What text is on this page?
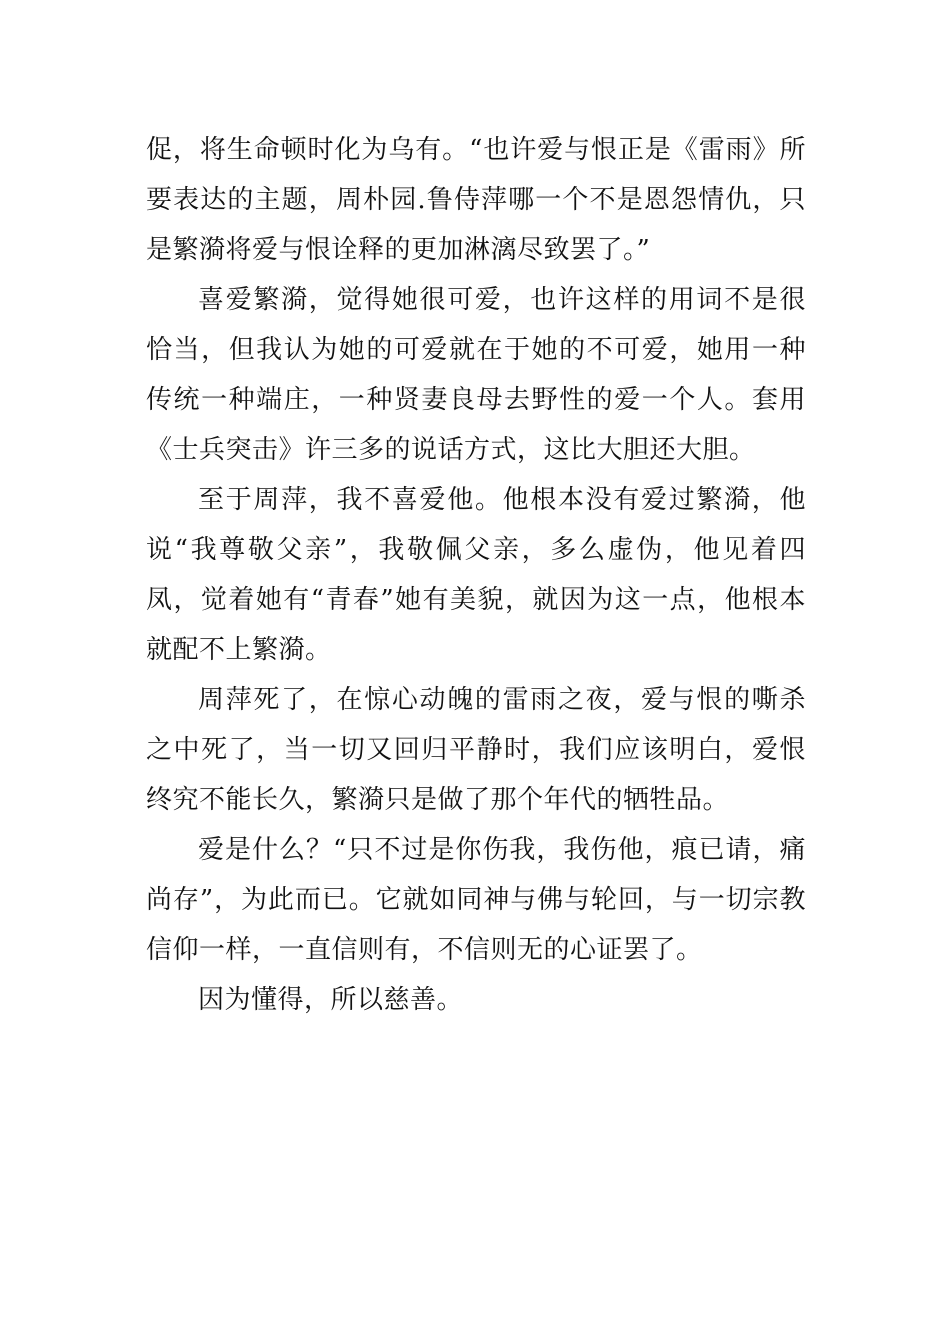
促，将生命顿时化为乌有。“也许爱与恨正是《雷雨》所要表达的主题，周朴园.鲁侍萍哪一个不是恩怨情仇，只是繁漪将爱与恨诠释的更加淋漓尽致罢了。”

喜爱繁漪，觉得她很可爱，也许这样的用词不是很恰当，但我认为她的可爱就在于她的不可爱，她用一种传统一种端庄，一种贤妻良母去野性的爱一个人。套用《士兵突击》许三多的说话方式，这比大胆还大胆。

至于周萍，我不喜爱他。他根本没有爱过繁漪，他说“我尊敬父亲”，我敬佩父亲，多么虚伪，他见着四凤，觉着她有“青春”她有美貌，就因为这一点，他根本就配不上繁漪。

周萍死了，在惊心动魄的雷雨之夜，爱与恨的嘶杀之中死了，当一切又回归平静时，我们应该明白，爱恨终究不能长久，繁漪只是做了那个年代的牺牲品。

爱是什么？“只不过是你伤我，我伤他，痕已请，痛尚存”，为此而已。它就如同神与佛与轮回，与一切宗教信仰一样，一直信则有，不信则无的心证罢了。

因为懂得，所以慈善。
